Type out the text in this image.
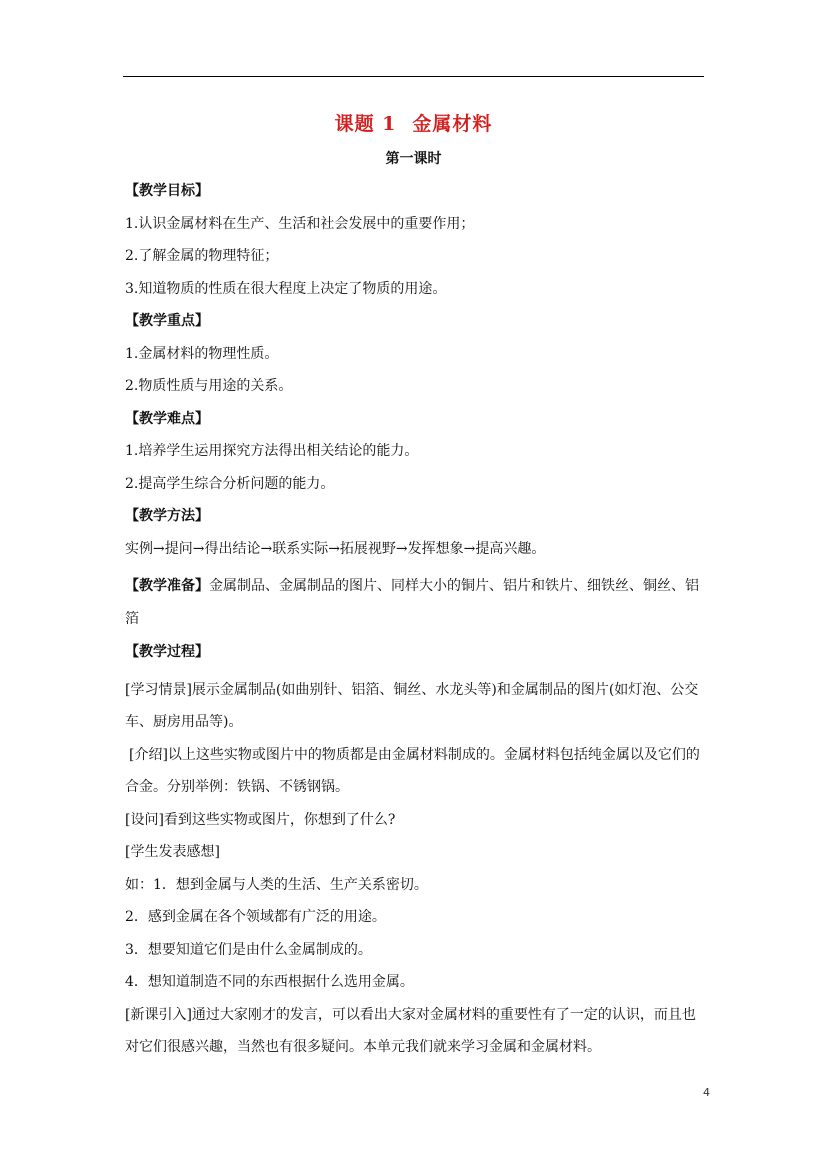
课题 1 金属材料
第一课时
【教学目标】
1.认识金属材料在生产、生活和社会发展中的重要作用；
2.了解金属的物理特征；
3.知道物质的性质在很大程度上决定了物质的用途。
【教学重点】
1.金属材料的物理性质。
2.物质性质与用途的关系。
【教学难点】
1.培养学生运用探究方法得出相关结论的能力。
2.提高学生综合分析问题的能力。
【教学方法】
实例→提问→得出结论→联系实际→拓展视野→发挥想象→提高兴趣。
【教学准备】金属制品、金属制品的图片、同样大小的铜片、铝片和铁片、细铁丝、铜丝、铝箔
【教学过程】
[学习情景]展示金属制品(如曲别针、铝箔、铜丝、水龙头等)和金属制品的图片(如灯泡、公交车、厨房用品等)。
[介绍]以上这些实物或图片中的物质都是由金属材料制成的。金属材料包括纯金属以及它们的合金。分别举例：铁锅、不锈钢锅。
[设问]看到这些实物或图片，你想到了什么?
[学生发表感想]
如：1．想到金属与人类的生活、生产关系密切。
2．感到金属在各个领域都有广泛的用途。
3．想要知道它们是由什么金属制成的。
4．想知道制造不同的东西根据什么选用金属。
[新课引入]通过大家刚才的发言，可以看出大家对金属材料的重要性有了一定的认识，而且也对它们很感兴趣，当然也有很多疑问。本单元我们就来学习金属和金属材料。
4
